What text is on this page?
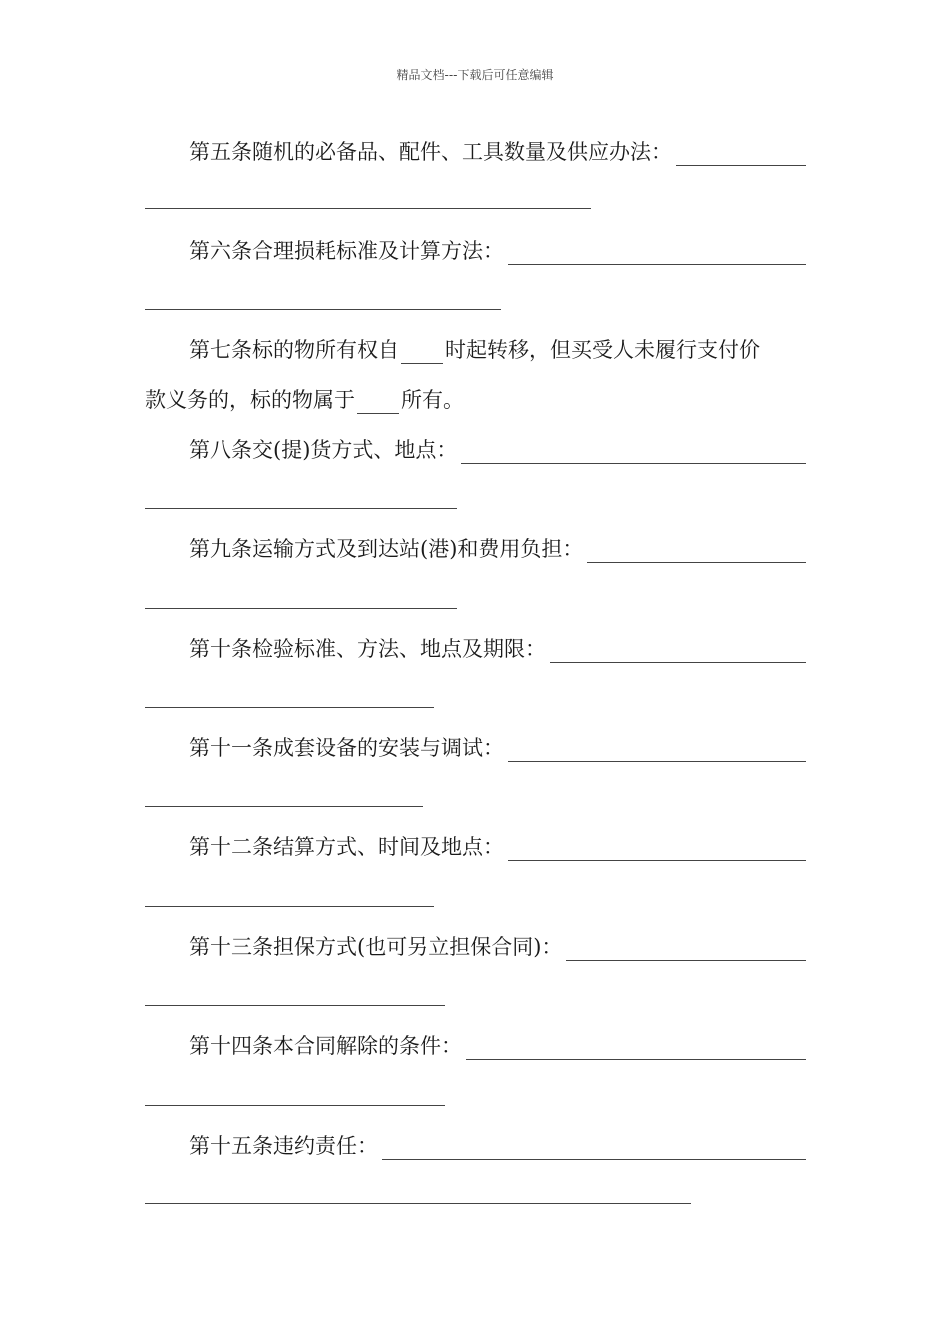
精品文档---下载后可任意编辑
第五条随机的必备品、配件、工具数量及供应办法：
第六条合理损耗标准及计算方法：
第七条标的物所有权自 时起转移，但买受人未履行支付价
款义务的，标的物属于 所有。
第八条交(提)货方式、地点：
第九条运输方式及到达站(港)和费用负担：
第十条检验标准、方法、地点及期限：
第十一条成套设备的安装与调试：
第十二条结算方式、时间及地点：
第十三条担保方式(也可另立担保合同)：
第十四条本合同解除的条件：
第十五条违约责任：
